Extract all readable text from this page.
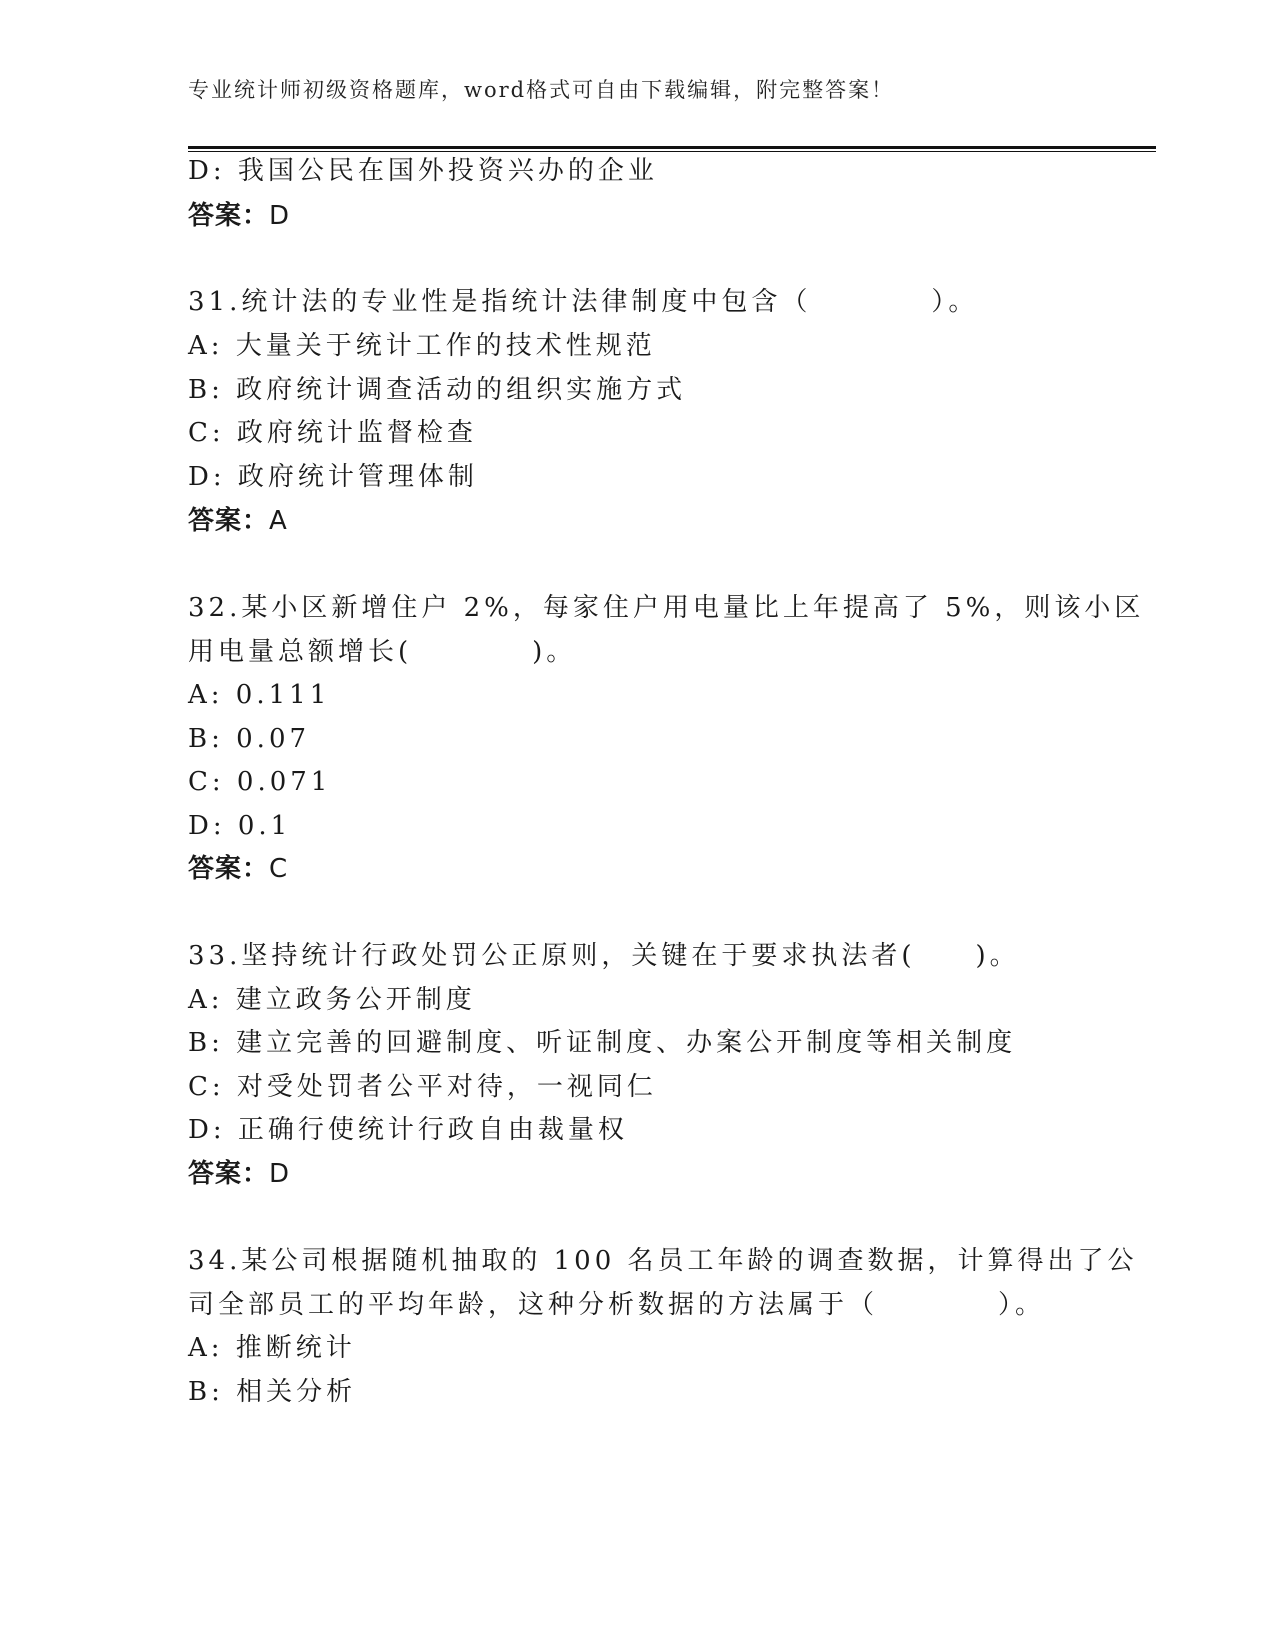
专业统计师初级资格题库，word格式可自由下载编辑，附完整答案！
D: 我国公民在国外投资兴办的企业
答案：D
31.统计法的专业性是指统计法律制度中包含（　　　　）。
A: 大量关于统计工作的技术性规范
B: 政府统计调查活动的组织实施方式
C: 政府统计监督检查
D: 政府统计管理体制
答案：A
32.某小区新增住户 2%，每家住户用电量比上年提高了 5%，则该小区
用电量总额增长(　　　　)。
A: 0.111
B: 0.07
C: 0.071
D: 0.1
答案：C
33.坚持统计行政处罚公正原则，关键在于要求执法者(　　)。
A: 建立政务公开制度
B: 建立完善的回避制度、听证制度、办案公开制度等相关制度
C: 对受处罚者公平对待，一视同仁
D: 正确行使统计行政自由裁量权
答案：D
34.某公司根据随机抽取的 100 名员工年龄的调查数据，计算得出了公
司全部员工的平均年龄，这种分析数据的方法属于（　　　　）。
A: 推断统计
B: 相关分析
